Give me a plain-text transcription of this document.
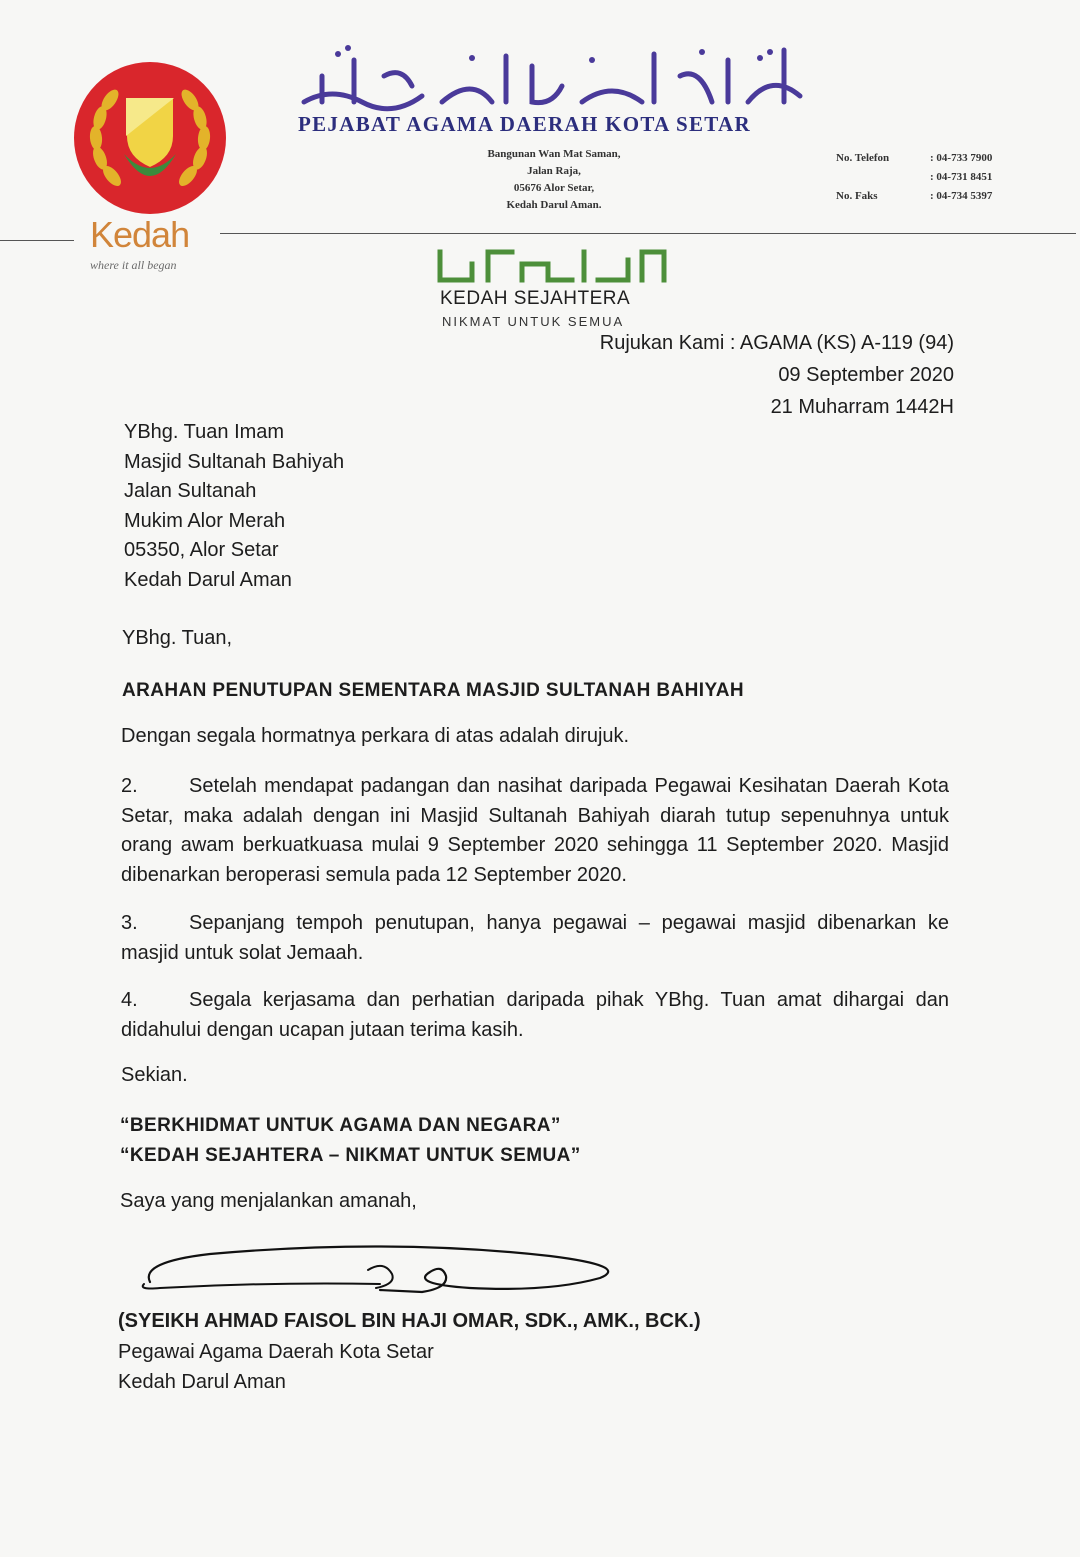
Kedah
where it all began
PEJABAT AGAMA DAERAH KOTA SETAR
Bangunan Wan Mat Saman,
Jalan Raja,
05676 Alor Setar,
Kedah Darul Aman.
No. Telefon	: 04-733 7900
: 04-731 8451
No. Faks	: 04-734 5397
KEDAH SEJAHTERA
NIKMAT UNTUK SEMUA
Rujukan Kami : AGAMA (KS) A-119 (94)
09 September 2020
21 Muharram 1442H
YBhg. Tuan Imam
Masjid Sultanah Bahiyah
Jalan Sultanah
Mukim Alor Merah
05350, Alor Setar
Kedah Darul Aman
YBhg. Tuan,
ARAHAN PENUTUPAN SEMENTARA MASJID SULTANAH BAHIYAH
Dengan segala hormatnya perkara di atas adalah dirujuk.
2.	Setelah mendapat padangan dan nasihat daripada Pegawai Kesihatan Daerah Kota Setar, maka adalah dengan ini Masjid Sultanah Bahiyah diarah tutup sepenuhnya untuk orang awam berkuatkuasa mulai 9 September 2020 sehingga 11 September 2020. Masjid dibenarkan beroperasi semula pada 12 September 2020.
3.	Sepanjang tempoh penutupan, hanya pegawai – pegawai masjid dibenarkan ke masjid untuk solat Jemaah.
4.	Segala kerjasama dan perhatian daripada pihak YBhg. Tuan amat dihargai dan didahului dengan ucapan jutaan terima kasih.
Sekian.
“BERKHIDMAT UNTUK AGAMA DAN NEGARA”
“KEDAH SEJAHTERA – NIKMAT UNTUK SEMUA”
Saya yang menjalankan amanah,
(SYEIKH AHMAD FAISOL BIN HAJI OMAR, SDK., AMK., BCK.)
Pegawai Agama Daerah Kota Setar
Kedah Darul Aman
